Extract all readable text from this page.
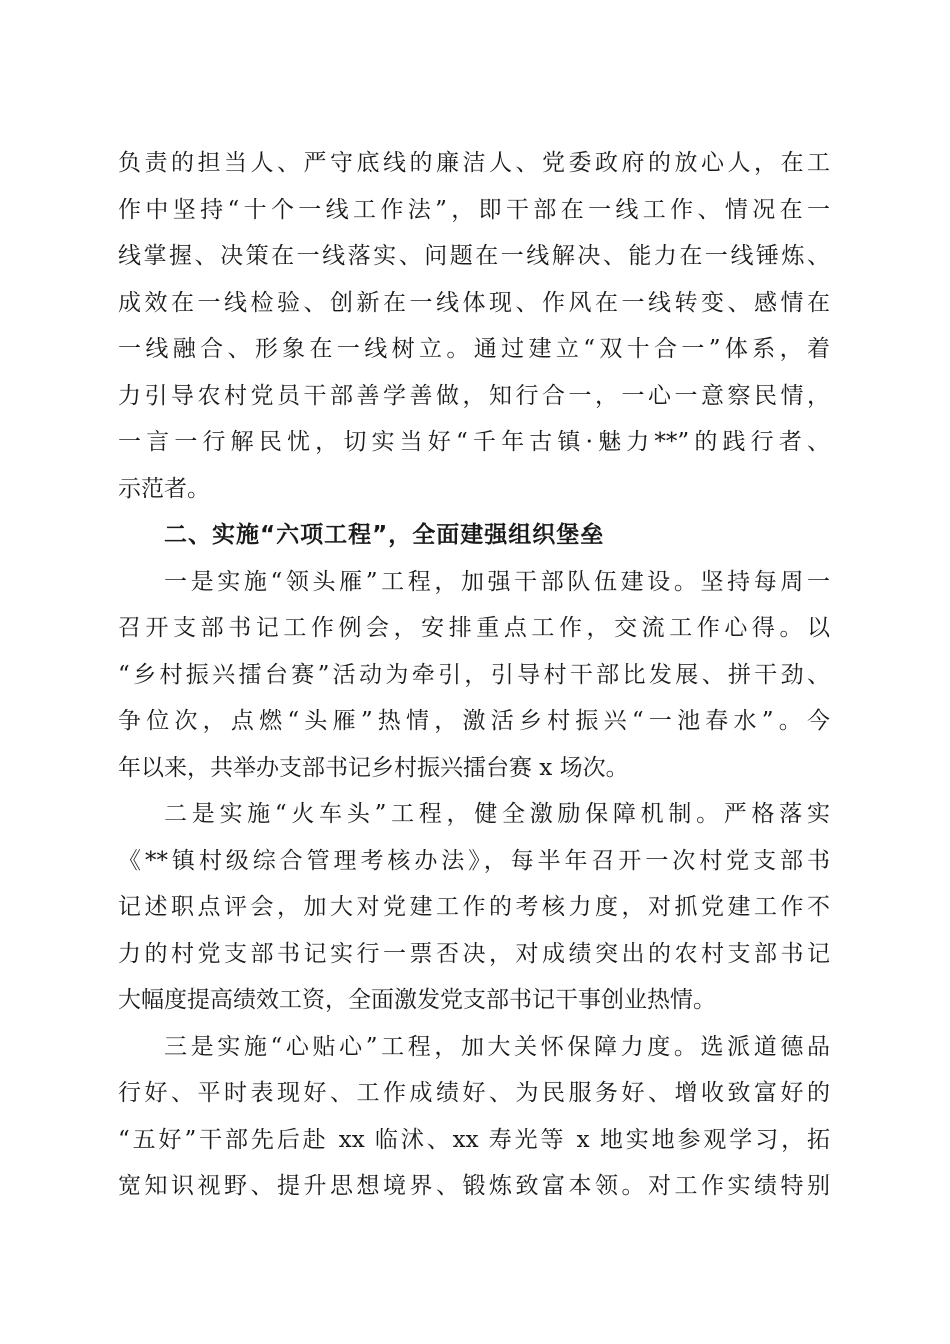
负责的担当人、严守底线的廉洁人、党委政府的放心人，在工
作中坚持“十个一线工作法”，即干部在一线工作、情况在一
线掌握、决策在一线落实、问题在一线解决、能力在一线锤炼、
成效在一线检验、创新在一线体现、作风在一线转变、感情在
一线融合、形象在一线树立。通过建立“双十合一”体系，着
力引导农村党员干部善学善做，知行合一，一心一意察民情，
一言一行解民忧，切实当好“千年古镇·魅力**”的践行者、
示范者。
二、实施“六项工程”，全面建强组织堡垒
一是实施“领头雁”工程，加强干部队伍建设。坚持每周一
召开支部书记工作例会，安排重点工作，交流工作心得。以
“乡村振兴擂台赛”活动为牵引，引导村干部比发展、拼干劲、
争位次，点燃“头雁”热情，激活乡村振兴“一池春水”。今
年以来，共举办支部书记乡村振兴擂台赛 x 场次。
二是实施“火车头”工程，健全激励保障机制。严格落实
《**镇村级综合管理考核办法》，每半年召开一次村党支部书
记述职点评会，加大对党建工作的考核力度，对抓党建工作不
力的村党支部书记实行一票否决，对成绩突出的农村支部书记
大幅度提高绩效工资，全面激发党支部书记干事创业热情。
三是实施“心贴心”工程，加大关怀保障力度。选派道德品
行好、平时表现好、工作成绩好、为民服务好、增收致富好的
“五好”干部先后赴 xx 临沭、xx 寿光等 x 地实地参观学习，拓
宽知识视野、提升思想境界、锻炼致富本领。对工作实绩特别
